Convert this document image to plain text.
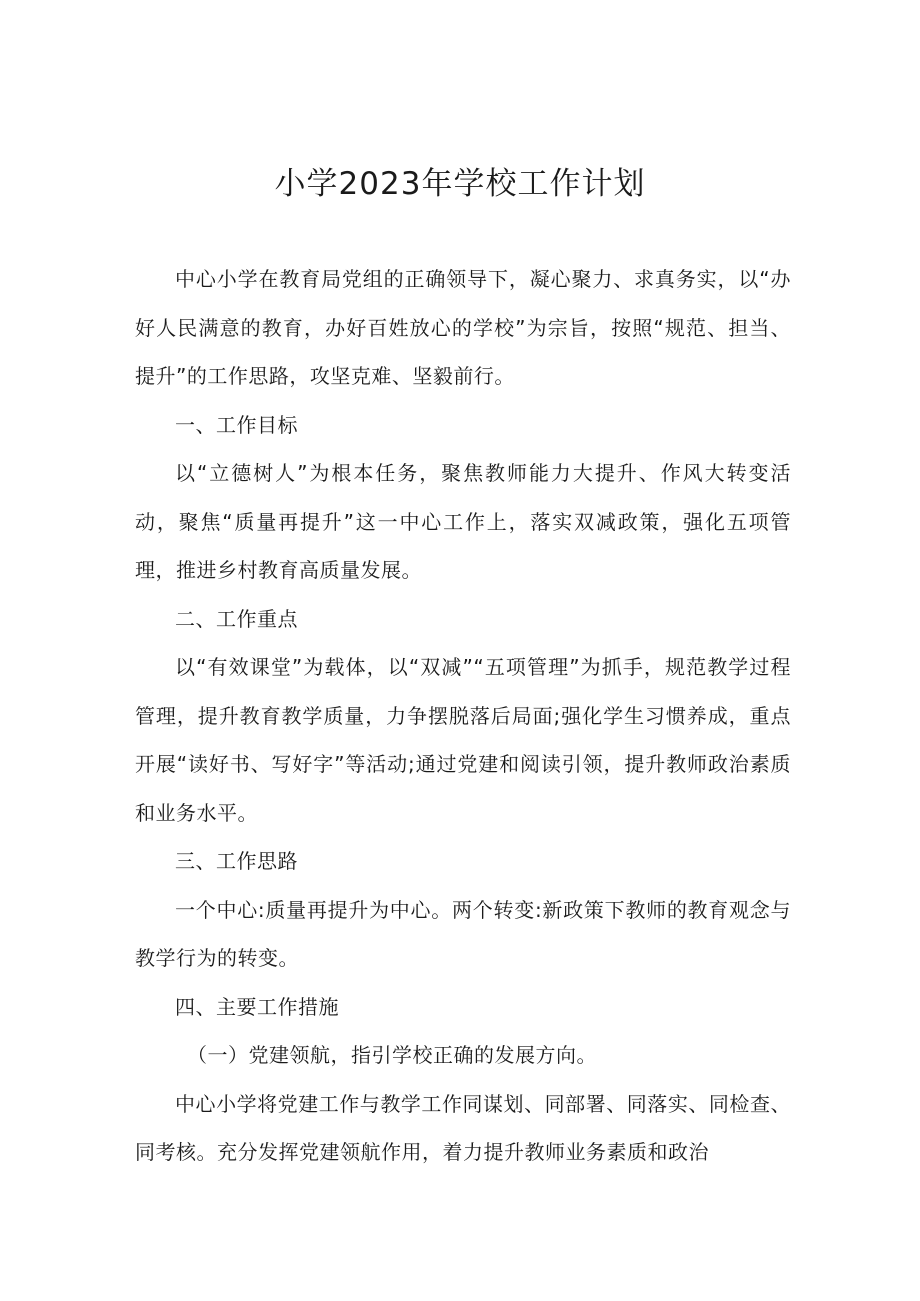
小学2023年学校工作计划

中心小学在教育局党组的正确领导下，凝心聚力、求真务实，以“办好人民满意的教育，办好百姓放心的学校”为宗旨，按照“规范、担当、提升”的工作思路，攻坚克难、坚毅前行。

一、工作目标

以“立德树人”为根本任务，聚焦教师能力大提升、作风大转变活动，聚焦“质量再提升”这一中心工作上，落实双减政策，强化五项管理，推进乡村教育高质量发展。

二、工作重点

以“有效课堂”为载体，以“双减”“五项管理”为抓手，规范教学过程管理，提升教育教学质量，力争摆脱落后局面;强化学生习惯养成，重点开展“读好书、写好字”等活动;通过党建和阅读引领，提升教师政治素质和业务水平。

三、工作思路

一个中心:质量再提升为中心。两个转变:新政策下教师的教育观念与教学行为的转变。

四、主要工作措施

（一）党建领航，指引学校正确的发展方向。

中心小学将党建工作与教学工作同谋划、同部署、同落实、同检查、同考核。充分发挥党建领航作用，着力提升教师业务素质和政治
